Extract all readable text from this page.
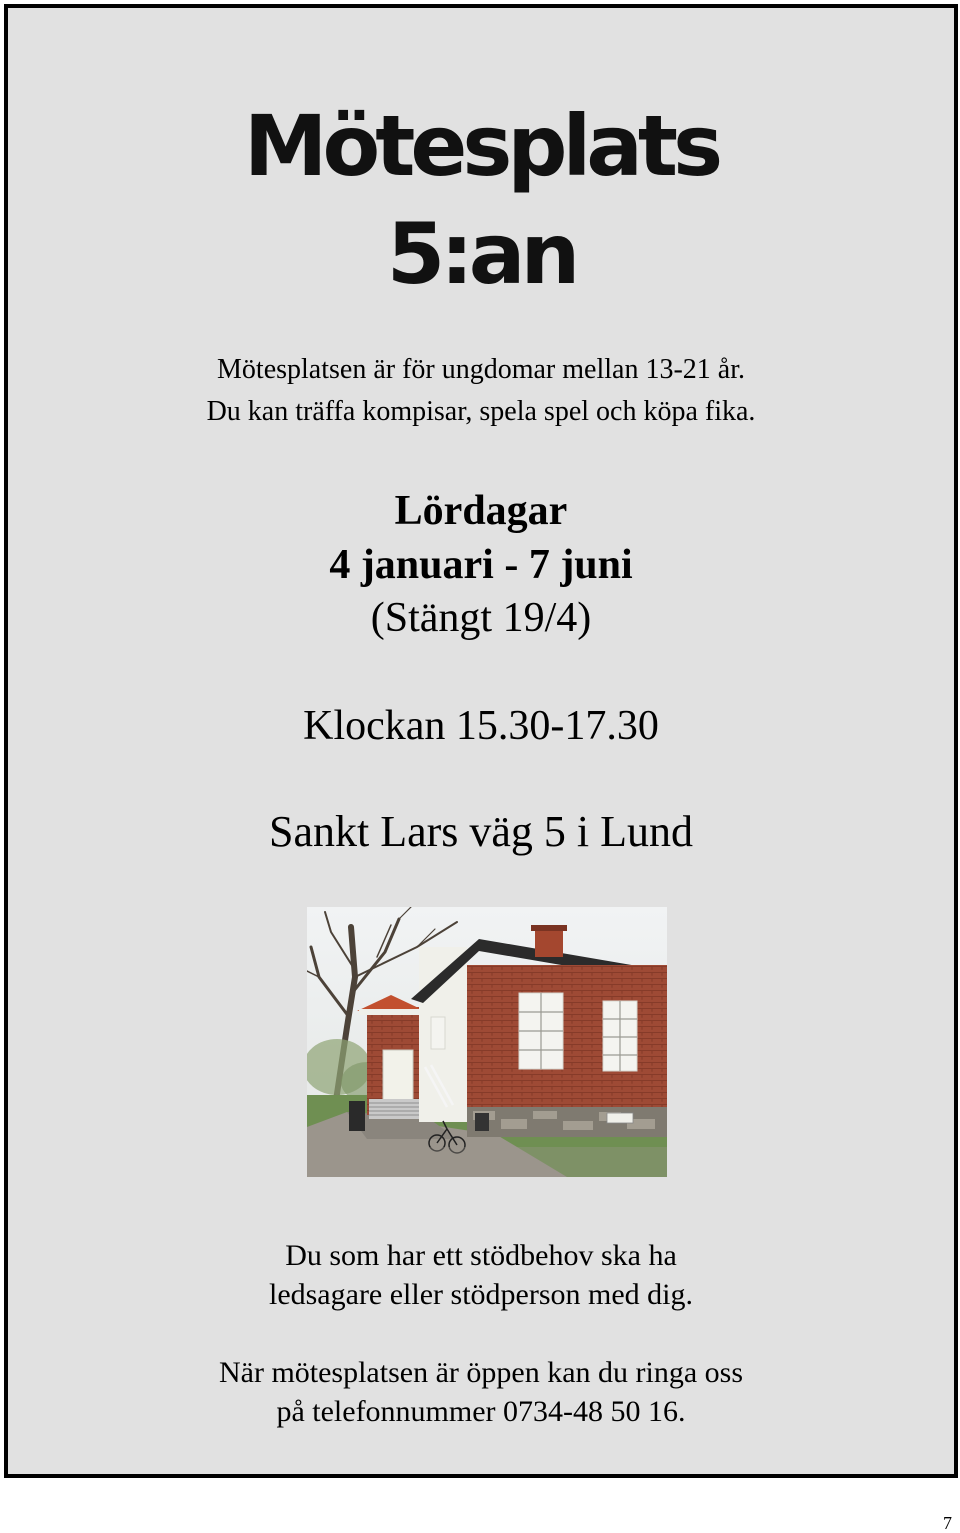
Mötesplats
5:an
Mötesplatsen är för ungdomar mellan 13-21 år.
Du kan träffa kompisar, spela spel och köpa fika.
Lördagar
4 januari - 7 juni
(Stängt 19/4)
Klockan 15.30-17.30
Sankt Lars väg 5 i Lund
Du som har ett stödbehov ska ha
ledsagare eller stödperson med dig.
När mötesplatsen är öppen kan du ringa oss
på telefonnummer 0734-48 50 16.
7
